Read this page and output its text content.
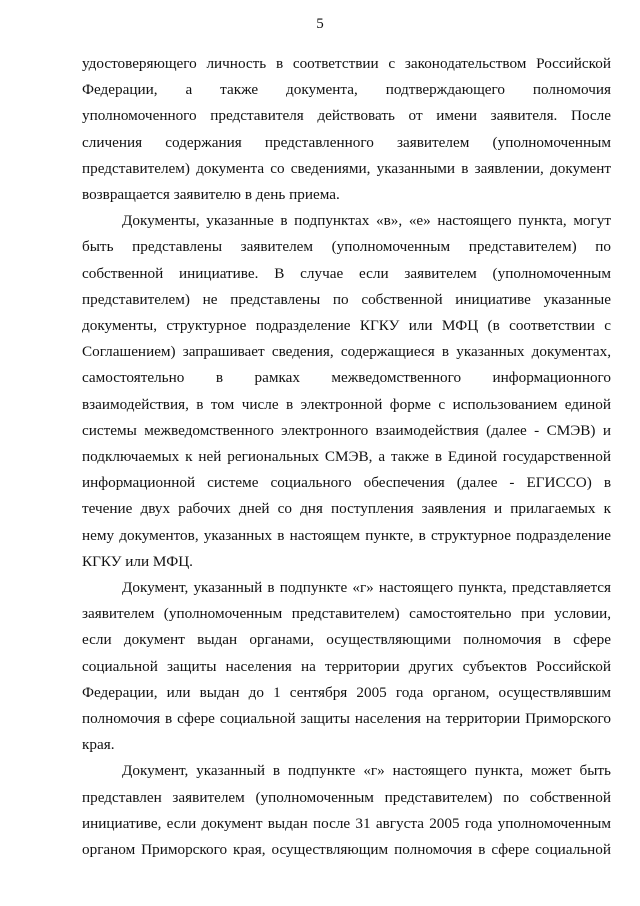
5
удостоверяющего личность в соответствии с законодательством Российской
Федерации, а также документа, подтверждающего полномочия
уполномоченного представителя действовать от имени заявителя. После
сличения содержания представленного заявителем (уполномоченным
представителем) документа со сведениями, указанными в заявлении, документ
возвращается заявителю в день приема.
Документы, указанные в подпунктах «в», «е» настоящего пункта, могут
быть представлены заявителем (уполномоченным представителем) по
собственной инициативе. В случае если заявителем (уполномоченным
представителем) не представлены по собственной инициативе указанные
документы, структурное подразделение КГКУ или МФЦ (в соответствии с
Соглашением) запрашивает сведения, содержащиеся в указанных документах,
самостоятельно в рамках межведомственного информационного
взаимодействия, в том числе в электронной форме с использованием единой
системы межведомственного электронного взаимодействия (далее - СМЭВ) и
подключаемых к ней региональных СМЭВ, а также в Единой государственной
информационной системе социального обеспечения (далее - ЕГИССО) в
течение двух рабочих дней со дня поступления заявления и прилагаемых к
нему документов, указанных в настоящем пункте, в структурное подразделение
КГКУ или МФЦ.
Документ, указанный в подпункте «г» настоящего пункта, представляется
заявителем (уполномоченным представителем) самостоятельно при условии,
если документ выдан органами, осуществляющими полномочия в сфере
социальной защиты населения на территории других субъектов Российской
Федерации, или выдан до 1 сентября 2005 года органом, осуществлявшим
полномочия в сфере социальной защиты населения на территории Приморского
края.
Документ, указанный в подпункте «г» настоящего пункта, может быть
представлен заявителем (уполномоченным представителем) по собственной
инициативе, если документ выдан после 31 августа 2005 года уполномоченным
органом Приморского края, осуществляющим полномочия в сфере социальной
